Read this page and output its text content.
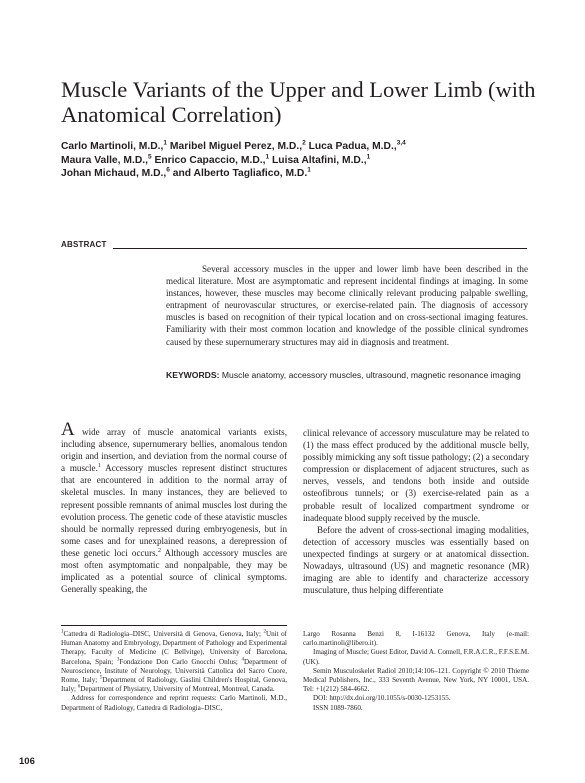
Muscle Variants of the Upper and Lower Limb (with Anatomical Correlation)
Carlo Martinoli, M.D.,$^1$ Maribel Miguel Perez, M.D.,$^2$ Luca Padua, M.D.,$^{3,4}$
Maura Valle, M.D.,$^5$ Enrico Capaccio, M.D.,$^1$ Luisa Altafini, M.D.,$^1$
Johan Michaud, M.D.,$^6$ and Alberto Tagliafico, M.D.$^1$
ABSTRACT

Several accessory muscles in the upper and lower limb have been described in the medical literature. Most are asymptomatic and represent incidental findings at imaging. In some instances, however, these muscles may become clinically relevant producing palpable swelling, entrapment of neurovascular structures, or exercise-related pain. The diagnosis of accessory muscles is based on recognition of their typical location and on cross-sectional imaging features. Familiarity with their most common location and knowledge of the possible clinical syndromes caused by these supernumerary structures may aid in diagnosis and treatment.

KEYWORDS: Muscle anatomy, accessory muscles, ultrasound, magnetic resonance imaging

A wide array of muscle anatomical variants exists, including absence, supernumerary bellies, anomalous tendon origin and insertion, and deviation from the normal course of a muscle.$^1$ Accessory muscles represent distinct structures that are encountered in addition to the normal array of skeletal muscles. In many instances, they are believed to represent possible remnants of animal muscles lost during the evolution process. The genetic code of these atavistic muscles should be normally repressed during embryogenesis, but in some cases and for unexplained reasons, a derepression of these genetic loci occurs.$^2$ Although accessory muscles are most often asymptomatic and nonpalpable, they may be implicated as a potential source of clinical symptoms. Generally speaking, the

clinical relevance of accessory musculature may be related to (1) the mass effect produced by the additional muscle belly, possibly mimicking any soft tissue pathology; (2) a secondary compression or displacement of adjacent structures, such as nerves, vessels, and tendons both inside and outside osteofibrous tunnels; or (3) exercise-related pain as a probable result of localized compartment syndrome or inadequate blood supply received by the muscle.

Before the advent of cross-sectional imaging modalities, detection of accessory muscles was essentially based on unexpected findings at surgery or at anatomical dissection. Nowadays, ultrasound (US) and magnetic resonance (MR) imaging are able to identify and characterize accessory musculature, thus helping differentiate

$^1$Cattedra di Radiologia–DISC, Università di Genova, Genova, Italy; $^2$Unit of Human Anatomy and Embryology, Department of Pathology and Experimental Therapy, Faculty of Medicine (C Bellvitge), University of Barcelona, Barcelona, Spain; $^3$Fondazione Don Carlo Gnocchi Onlus; $^4$Department of Neuroscience, Institute of Neurology, Università Cattolica del Sacro Cuore, Rome, Italy; $^5$Department of Radiology, Gaslini Children's Hospital, Genova, Italy; $^6$Department of Physiatry, University of Montreal, Montreal, Canada.

Address for correspondence and reprint requests: Carlo Martinoli, M.D., Department of Radiology, Cattedra di Radiologia–DISC,

Largo Rosanna Benzi 8, I-16132 Genova, Italy (e-mail: carlo.martinoli@libero.it).

Imaging of Muscle; Guest Editor, David A. Connell, F.R.A.C.R., F.F.S.E.M.(UK).

Semin Musculoskelet Radiol 2010;14:106–121. Copyright © 2010 Thieme Medical Publishers, Inc., 333 Seventh Avenue, New York, NY 10001, USA. Tel: +1(212) 584-4662.

DOI: http://dx.doi.org/10.1055/s-0030-1253155.

ISSN 1089-7860.

106
